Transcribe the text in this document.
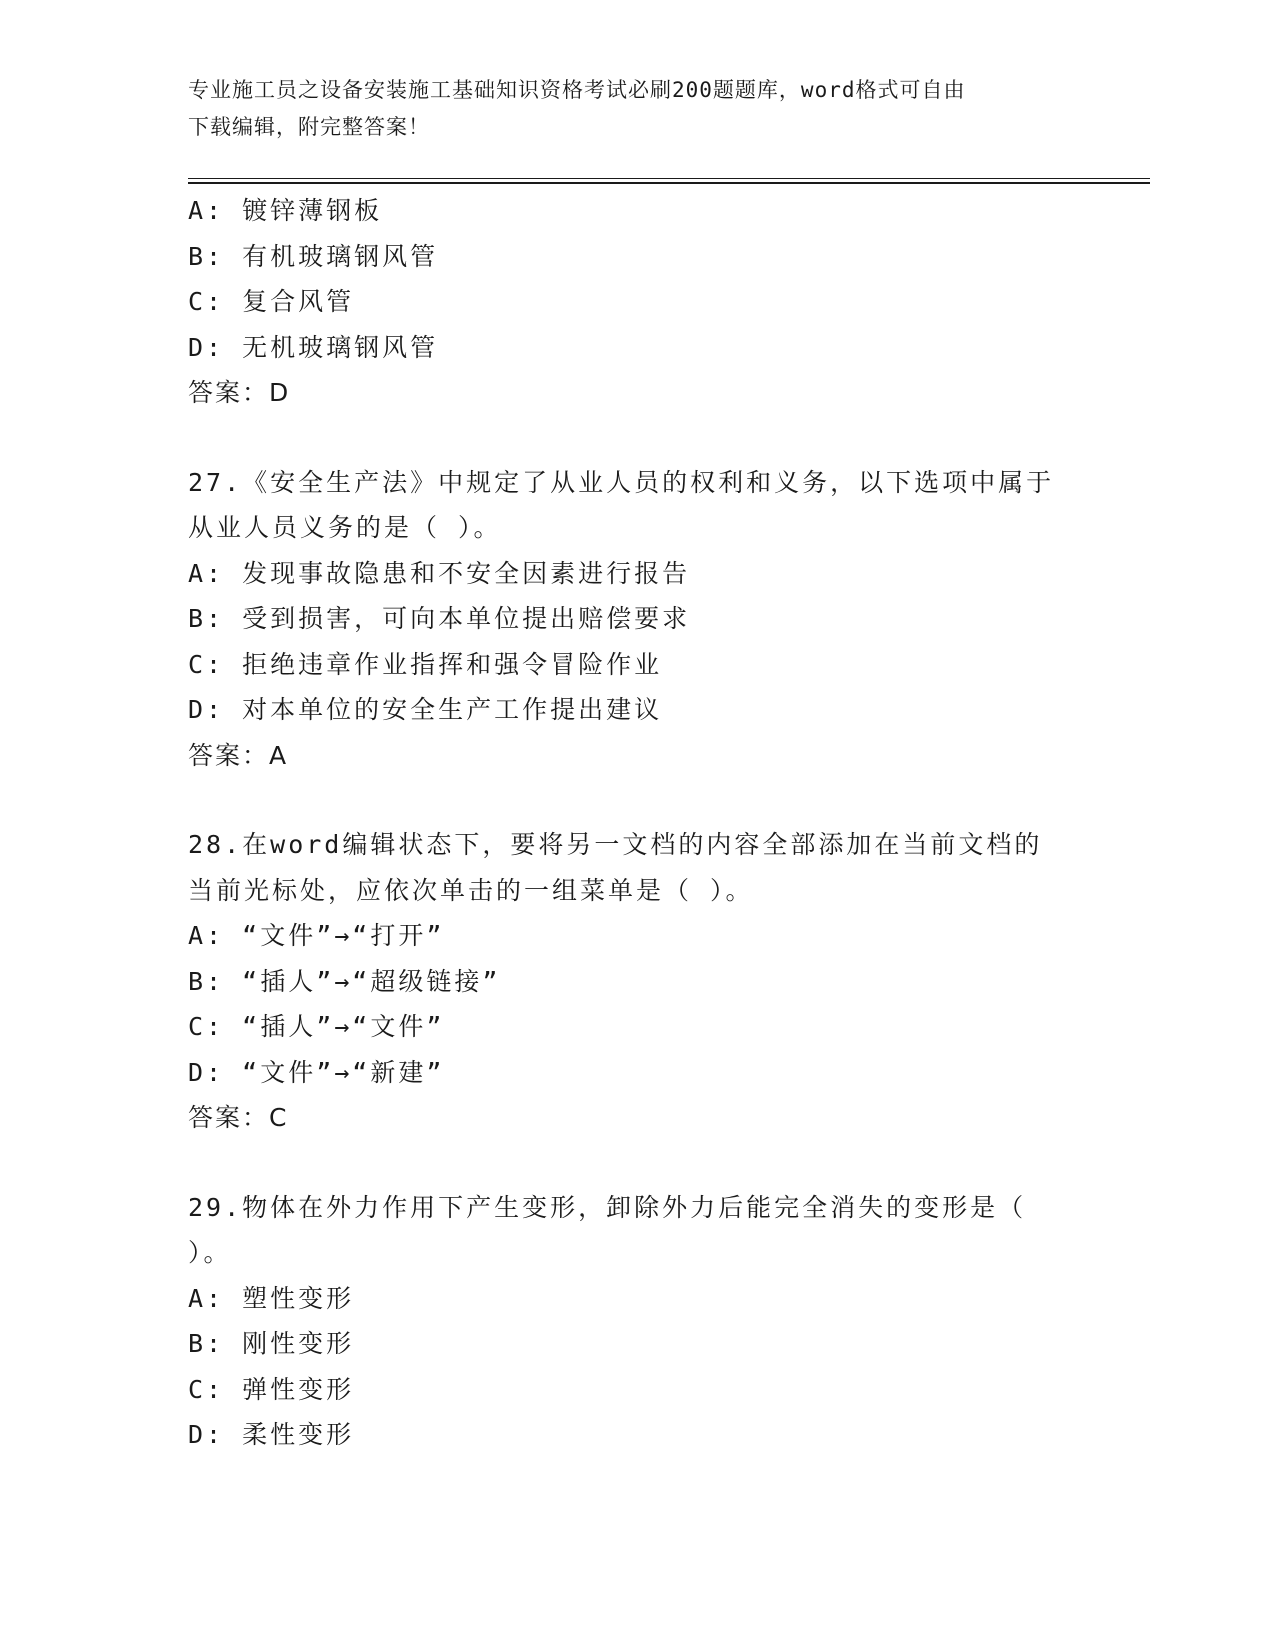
专业施工员之设备安装施工基础知识资格考试必刷200题题库，word格式可自由
下载编辑，附完整答案！
A: 镀锌薄钢板
B: 有机玻璃钢风管
C: 复合风管
D: 无机玻璃钢风管
答案：D
27.《安全生产法》中规定了从业人员的权利和义务，以下选项中属于
从业人员义务的是（ ）。
A: 发现事故隐患和不安全因素进行报告
B: 受到损害，可向本单位提出赔偿要求
C: 拒绝违章作业指挥和强令冒险作业
D: 对本单位的安全生产工作提出建议
答案：A
28.在word编辑状态下，要将另一文档的内容全部添加在当前文档的
当前光标处，应依次单击的一组菜单是（ ）。
A: “文件”→“打开”
B: “插人”→“超级链接”
C: “插人”→“文件”
D: “文件”→“新建”
答案：C
29.物体在外力作用下产生变形，卸除外力后能完全消失的变形是（
）。
A: 塑性变形
B: 刚性变形
C: 弹性变形
D: 柔性变形
